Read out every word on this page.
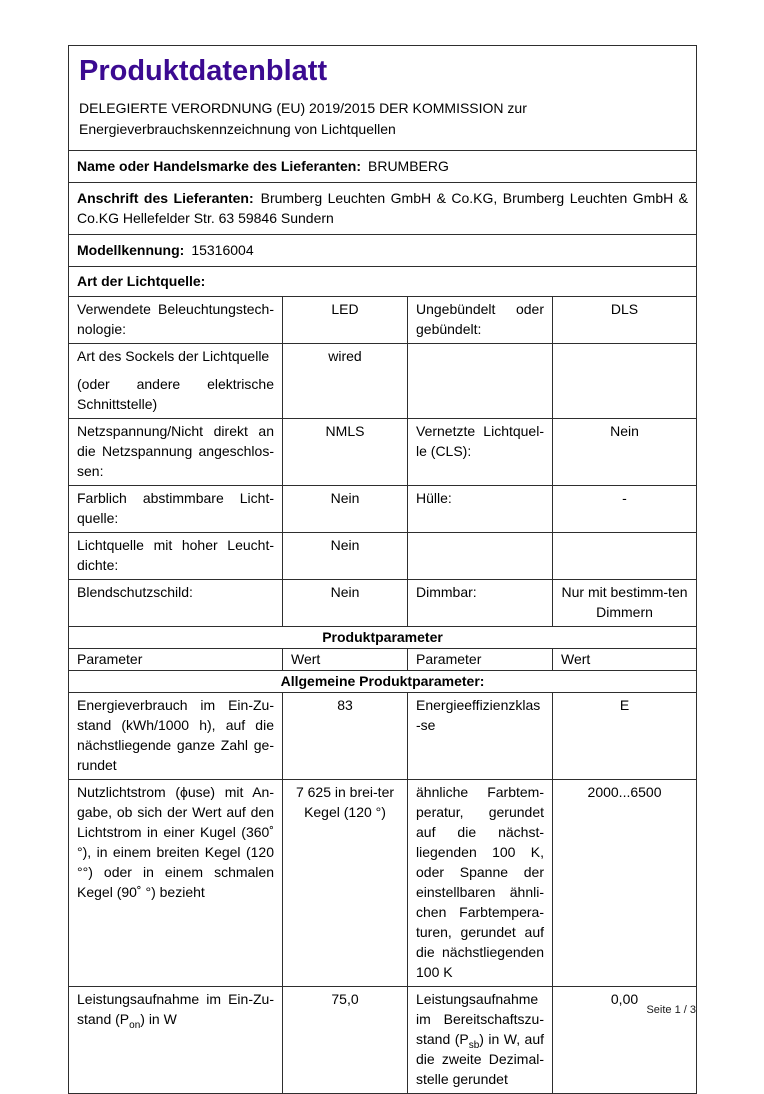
Produktdatenblatt
DELEGIERTE VERORDNUNG (EU) 2019/2015 DER KOMMISSION zur Energieverbrauchskennzeichnung von Lichtquellen

Name oder Handelsmarke des Lieferanten: BRUMBERG			
Anschrift des Lieferanten: Brumberg Leuchten GmbH & Co.KG, Brumberg Leuchten GmbH & Co.KG Hellefelder Str. 63 59846 Sundern			
Modellkennung: 15316004			
Art der Lichtquelle:			
Verwendete Beleuchtungstech-nologie:	LED	Ungebündelt oder gebündelt:	DLS

Art des Sockels der Lichtquelle
(oder andere elektrische Schnittstelle)	wired		
Netzspannung/Nicht direkt an die Netzspannung angeschlos-sen:	NMLS	Vernetzte Lichtquel-le (CLS):	Nein
Farblich abstimmbare Licht-quelle:	Nein	Hülle:	-
Lichtquelle mit hoher Leucht-dichte:	Nein		
Blendschutzschild:	Nein	Dimmbar:	Nur mit bestimm-ten Dimmern
Produktparameter			
Parameter	Wert	Parameter	Wert
Allgemeine Produktparameter:			
Energieverbrauch im Ein-Zu-stand (kWh/1000 h), auf die nächstliegende ganze Zahl ge-rundet	83	Energieeffizienzklas-se	E
Nutzlichtstrom (ϕuse) mit An-gabe, ob sich der Wert auf den Lichtstrom in einer Kugel (360˚ °), in einem breiten Kegel (120 °°) oder in einem schmalen Kegel (90˚ °) bezieht	7 625 in brei-ter Kegel (120 °)	ähnliche Farbtem-peratur, gerundet auf die nächst-liegenden 100 K, oder Spanne der einstellbaren ähnli-chen Farbtempera-turen, gerundet auf die nächstliegenden 100 K	2000...6500
Leistungsaufnahme im Ein-Zu-stand $(P_{on})$ in W	75,0	Leistungsaufnahme im Bereitschaftszu-stand $(P_{sb})$ in W, auf die zweite Dezimal-stelle gerundet	0,00
Seite 1 / 3
